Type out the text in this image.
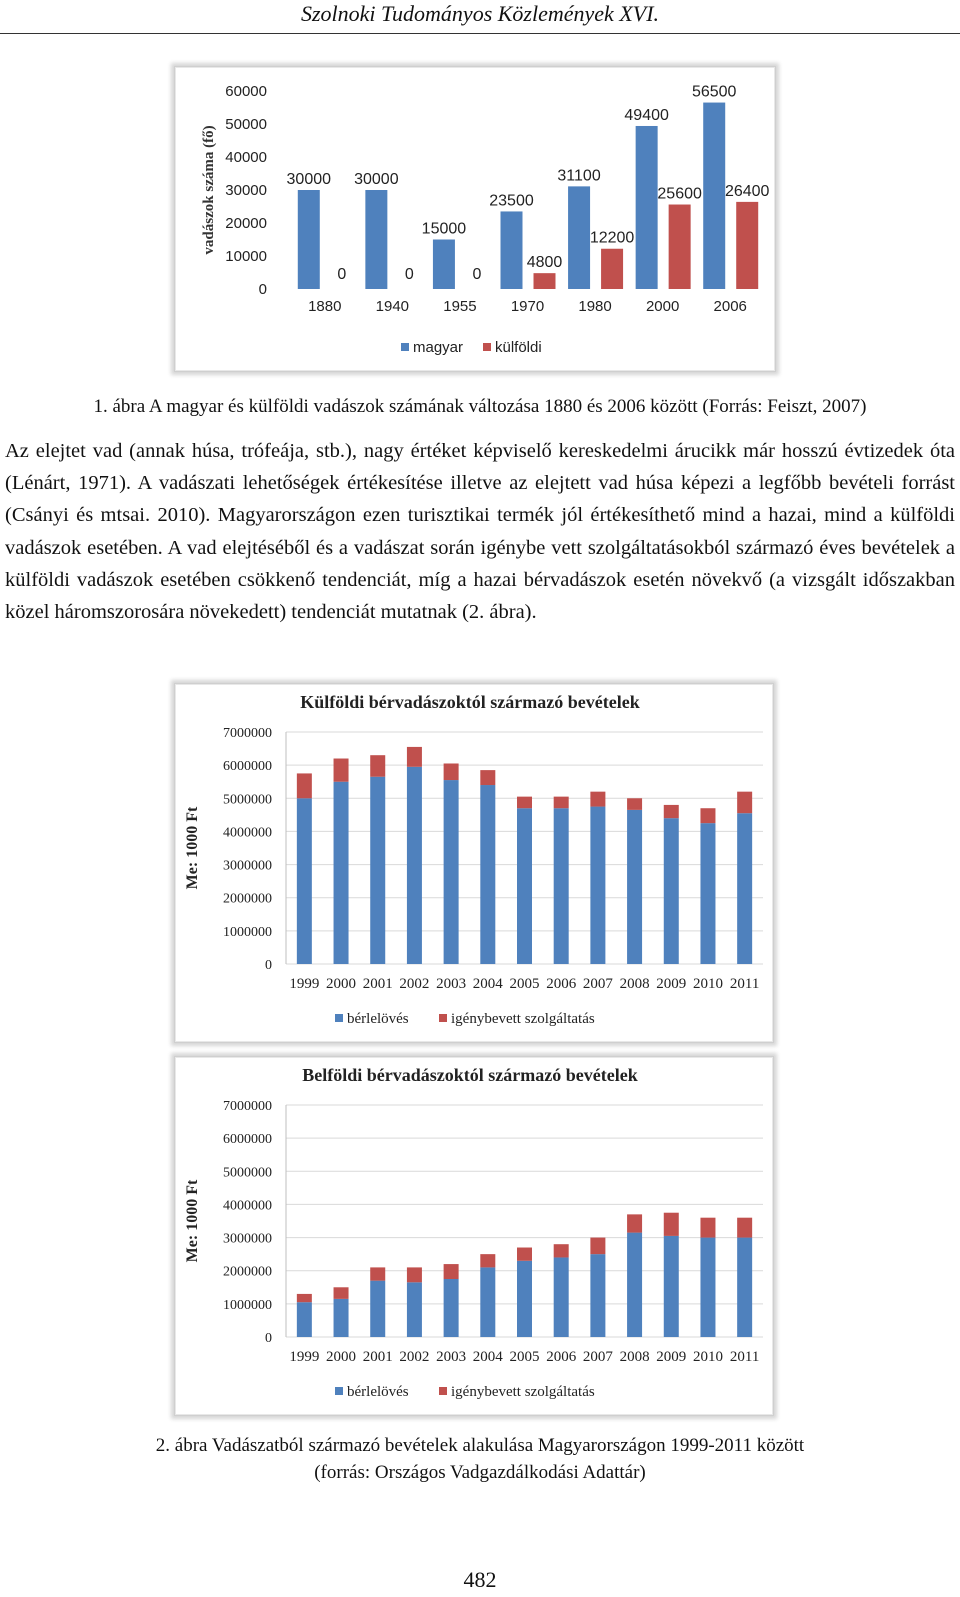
Szolnoki Tudományos Közlemények XVI.
vadászok száma (fő)
0
10000
20000
30000
40000
50000
60000
30000
0
1880
30000
0
1940
15000
0
1955
23500
4800
1970
31100
12200
1980
49400
25600
2000
56500
26400
2006
magyar külföldi
1. ábra A magyar és külföldi vadászok számának változása 1880 és 2006 között (Forrás: Feiszt, 2007)
Az elejtet vad (annak húsa, trófeája, stb.), nagy értéket képviselő kereskedelmi árucikk már hosszú évtizedek óta (Lénárt, 1971). A vadászati lehetőségek értékesítése illetve az elejtett vad húsa képezi a legfőbb bevételi forrást (Csányi és mtsai. 2010). Magyarországon ezen turisztikai termék jól értékesíthető mind a hazai, mind a külföldi vadászok esetében. A vad elejtéséből és a vadászat során igénybe vett szolgáltatásokból származó éves bevételek a külföldi vadászok esetében csökkenő tendenciát, míg a hazai bérvadászok esetén növekvő (a vizsgált időszakban közel háromszorosára növekedett) tendenciát mutatnak (2. ábra).
Külföldi bérvadászoktól származó bevételek
Me: 1000 Ft
0
1000000
2000000
3000000
4000000
5000000
6000000
7000000
1999 2000 2001 2002 2003 2004 2005 2006 2007 2008 2009 2010 2011
bérlelövés	igénybevett szolgáltatás
Belföldi bérvadászoktól származó bevételek
Me: 1000 Ft
0
1000000
2000000
3000000
4000000
5000000
6000000
7000000
1999 2000 2001 2002 2003 2004 2005 2006 2007 2008 2009 2010 2011
bérlelövés	igénybevett szolgáltatás
2. ábra Vadászatból származó bevételek alakulása Magyarországon 1999-2011 között
(forrás: Országos Vadgazdálkodási Adattár)
482
